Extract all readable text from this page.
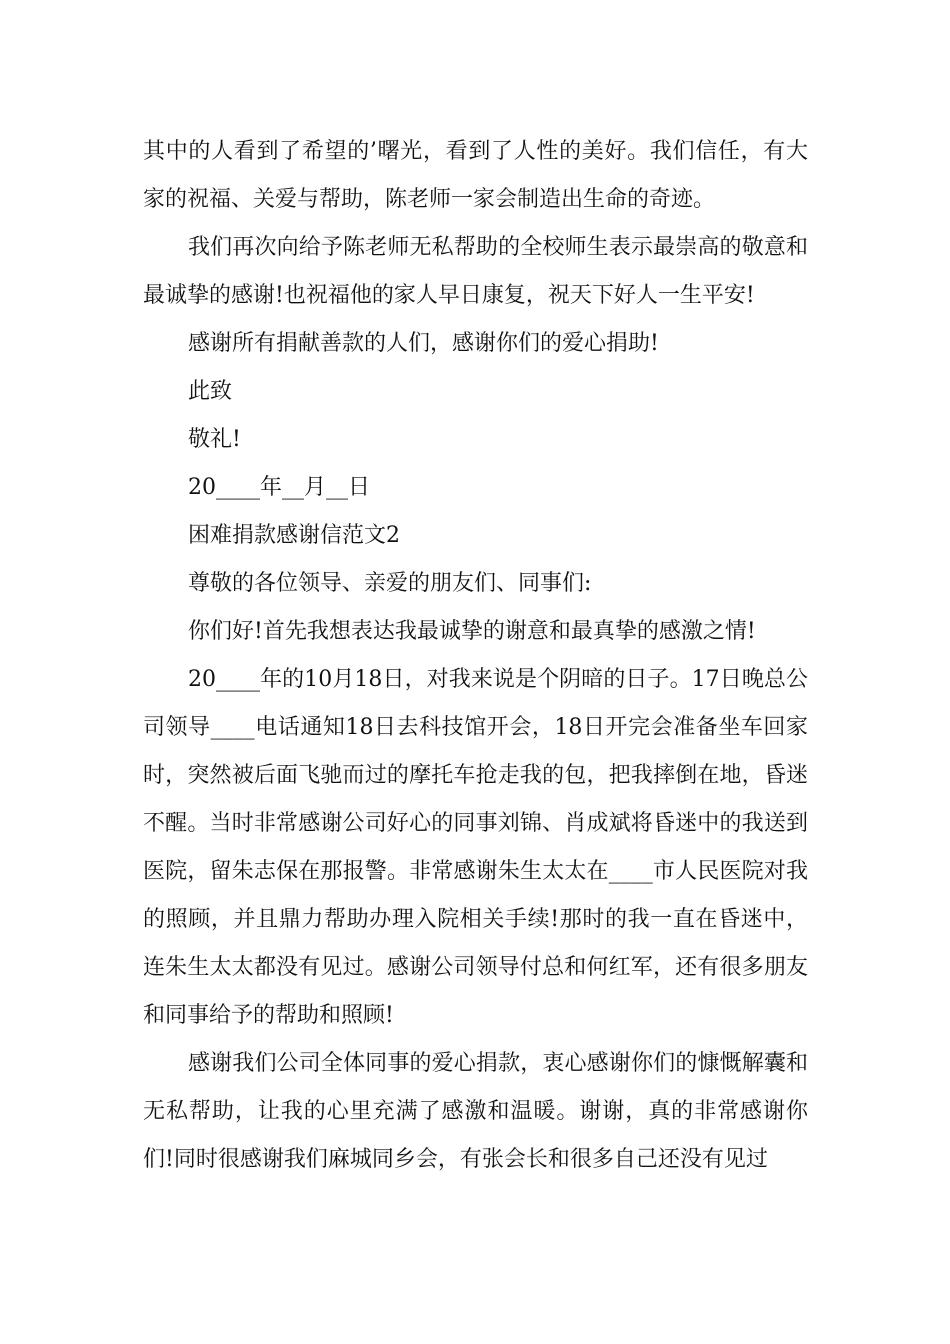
其中的人看到了希望的’曙光，看到了人性的美好。我们信任，有大家的祝福、关爱与帮助，陈老师一家会制造出生命的奇迹。

我们再次向给予陈老师无私帮助的全校师生表示最崇高的敬意和最诚挚的感谢!也祝福他的家人早日康复，祝天下好人一生平安!

感谢所有捐献善款的人们，感谢你们的爱心捐助!

此致

敬礼!

20____年__月__日

困难捐款感谢信范文2

尊敬的各位领导、亲爱的朋友们、同事们:

你们好!首先我想表达我最诚挚的谢意和最真挚的感激之情!

20____年的10月18日，对我来说是个阴暗的日子。17日晚总公司领导____电话通知18日去科技馆开会，18日开完会准备坐车回家时，突然被后面飞驰而过的摩托车抢走我的包，把我摔倒在地，昏迷不醒。当时非常感谢公司好心的同事刘锦、肖成斌将昏迷中的我送到医院，留朱志保在那报警。非常感谢朱生太太在____市人民医院对我的照顾，并且鼎力帮助办理入院相关手续!那时的我一直在昏迷中，连朱生太太都没有见过。感谢公司领导付总和何红军，还有很多朋友和同事给予的帮助和照顾!

感谢我们公司全体同事的爱心捐款，衷心感谢你们的慷慨解囊和无私帮助，让我的心里充满了感激和温暖。谢谢，真的非常感谢你们!同时很感谢我们麻城同乡会，有张会长和很多自己还没有见过
